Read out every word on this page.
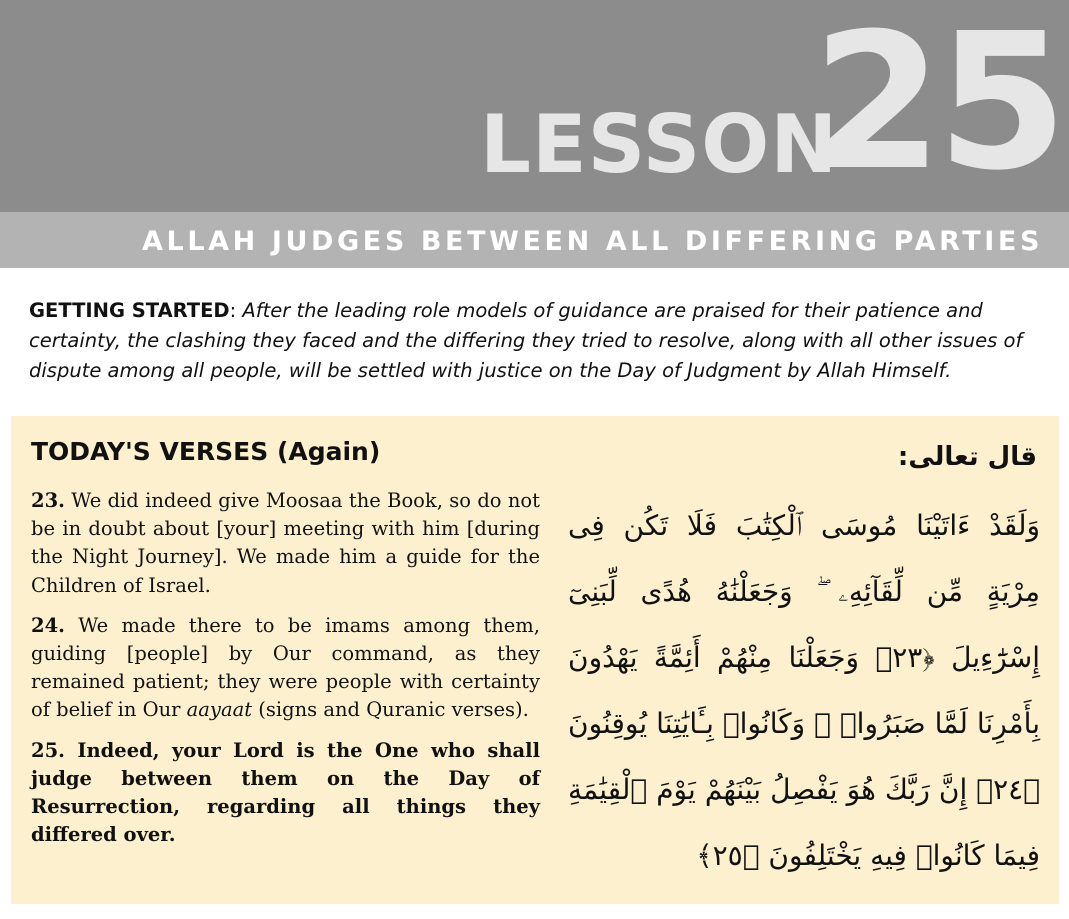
LESSON
25
ALLAH JUDGES BETWEEN ALL DIFFERING PARTIES
GETTING STARTED: After the leading role models of guidance are praised for their patience and certainty, the clashing they faced and the differing they tried to resolve, along with all other issues of dispute among all people, will be settled with justice on the Day of Judgment by Allah Himself.
TODAY'S VERSES (Again)	قال تعالى:

23. We did indeed give Moosaa the Book, so do not be in doubt about [your] meeting with him [during the Night Journey]. We made him a guide for the Children of Israel.

24. We made there to be imams among them, guiding [people] by Our command, as they remained patient; they were people with certainty of belief in Our aayaat (signs and Quranic verses).

25. Indeed, your Lord is the One who shall judge between them on the Day of Resurrection, regarding all things they differed over.

وَلَقَدْ ءَاتَيْنَا مُوسَى ٱلْكِتَٰبَ فَلَا تَكُن فِى مِرْيَةٍ مِّن لِّقَآئِهِۦ ۖ وَجَعَلْنَٰهُ هُدًى لِّبَنِىٓ إِسْرَٰٓءِيلَ ﴿٢٣﴾ وَجَعَلْنَا مِنْهُمْ أَئِمَّةً يَهْدُونَ بِأَمْرِنَا لَمَّا صَبَرُوا۟ ۖ وَكَانُوا۟ بِـَٔايَٰتِنَا يُوقِنُونَ ﴿٢٤﴾ إِنَّ رَبَّكَ هُوَ يَفْصِلُ بَيْنَهُمْ يَوْمَ ٱلْقِيَٰمَةِ فِيمَا كَانُوا۟ فِيهِ يَخْتَلِفُونَ ﴿٢٥﴾
